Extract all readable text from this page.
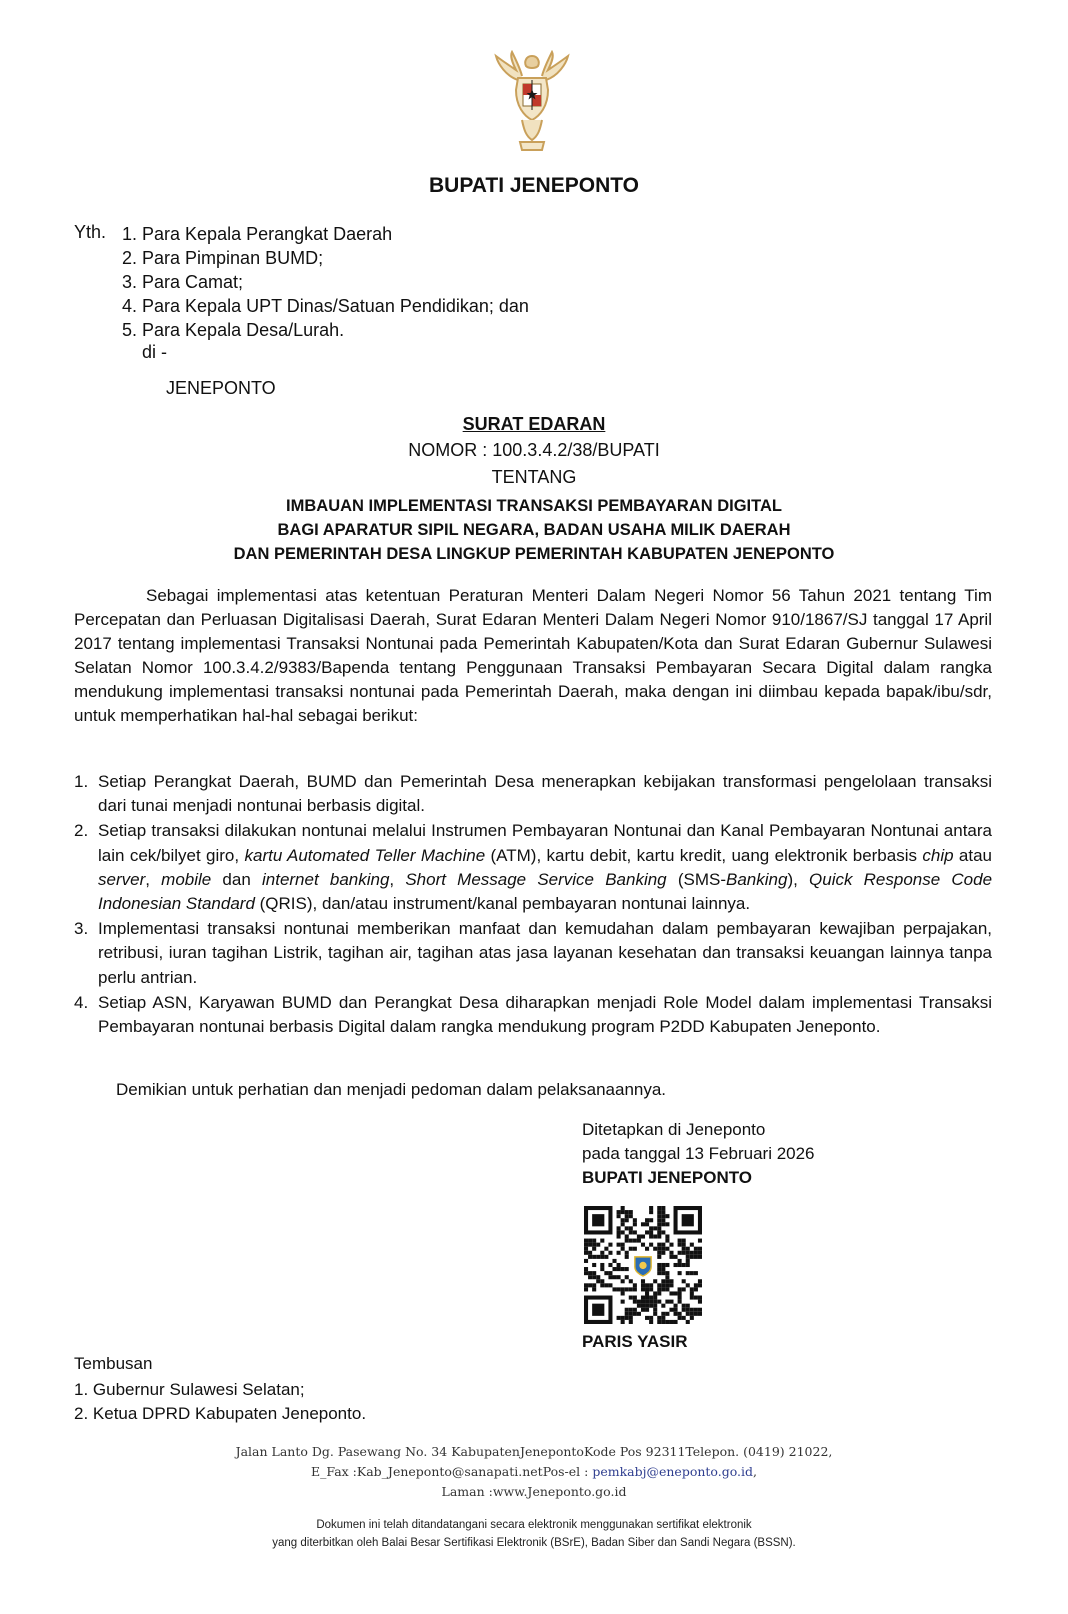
BUPATI JENEPONTO
Yth. 1. Para Kepala Perangkat Daerah
2. Para Pimpinan BUMD;
3. Para Camat;
4. Para Kepala UPT Dinas/Satuan Pendidikan; dan
5. Para Kepala Desa/Lurah.
di -
JENEPONTO
SURAT EDARAN
NOMOR : 100.3.4.2/38/BUPATI
TENTANG
IMBAUAN IMPLEMENTASI TRANSAKSI PEMBAYARAN DIGITAL
BAGI APARATUR SIPIL NEGARA, BADAN USAHA MILIK DAERAH
DAN PEMERINTAH DESA LINGKUP PEMERINTAH KABUPATEN JENEPONTO

Sebagai implementasi atas ketentuan Peraturan Menteri Dalam Negeri Nomor 56 Tahun 2021 tentang Tim Percepatan dan Perluasan Digitalisasi Daerah, Surat Edaran Menteri Dalam Negeri Nomor 910/1867/SJ tanggal 17 April 2017 tentang implementasi Transaksi Nontunai pada Pemerintah Kabupaten/Kota dan Surat Edaran Gubernur Sulawesi Selatan Nomor 100.3.4.2/9383/Bapenda tentang Penggunaan Transaksi Pembayaran Secara Digital dalam rangka mendukung implementasi transaksi nontunai pada Pemerintah Daerah, maka dengan ini diimbau kepada bapak/ibu/sdr, untuk memperhatikan hal-hal sebagai berikut:

1. Setiap Perangkat Daerah, BUMD dan Pemerintah Desa menerapkan kebijakan transformasi pengelolaan transaksi dari tunai menjadi nontunai berbasis digital.
2. Setiap transaksi dilakukan nontunai melalui Instrumen Pembayaran Nontunai dan Kanal Pembayaran Nontunai antara lain cek/bilyet giro, kartu Automated Teller Machine (ATM), kartu debit, kartu kredit, uang elektronik berbasis chip atau server, mobile dan internet banking, Short Message Service Banking (SMS-Banking), Quick Response Code Indonesian Standard (QRIS), dan/atau instrument/kanal pembayaran nontunai lainnya.
3. Implementasi transaksi nontunai memberikan manfaat dan kemudahan dalam pembayaran kewajiban perpajakan, retribusi, iuran tagihan Listrik, tagihan air, tagihan atas jasa layanan kesehatan dan transaksi keuangan lainnya tanpa perlu antrian.
4. Setiap ASN, Karyawan BUMD dan Perangkat Desa diharapkan menjadi Role Model dalam implementasi Transaksi Pembayaran nontunai berbasis Digital dalam rangka mendukung program P2DD Kabupaten Jeneponto.
Demikian untuk perhatian dan menjadi pedoman dalam pelaksanaannya.
Ditetapkan di Jeneponto
pada tanggal 13 Februari 2026
BUPATI JENEPONTO
PARIS YASIR
Tembusan
1. Gubernur Sulawesi Selatan;
2. Ketua DPRD Kabupaten Jeneponto.
Jalan Lanto Dg. Pasewang No. 34 KabupatenJenepontoKode Pos 92311Telepon. (0419) 21022,
E_Fax :Kab_Jeneponto@sanapati.netPos-el : pemkabj@eneponto.go.id,
Laman :www.Jeneponto.go.id
Dokumen ini telah ditandatangani secara elektronik menggunakan sertifikat elektronik
yang diterbitkan oleh Balai Besar Sertifikasi Elektronik (BSrE), Badan Siber dan Sandi Negara (BSSN).
